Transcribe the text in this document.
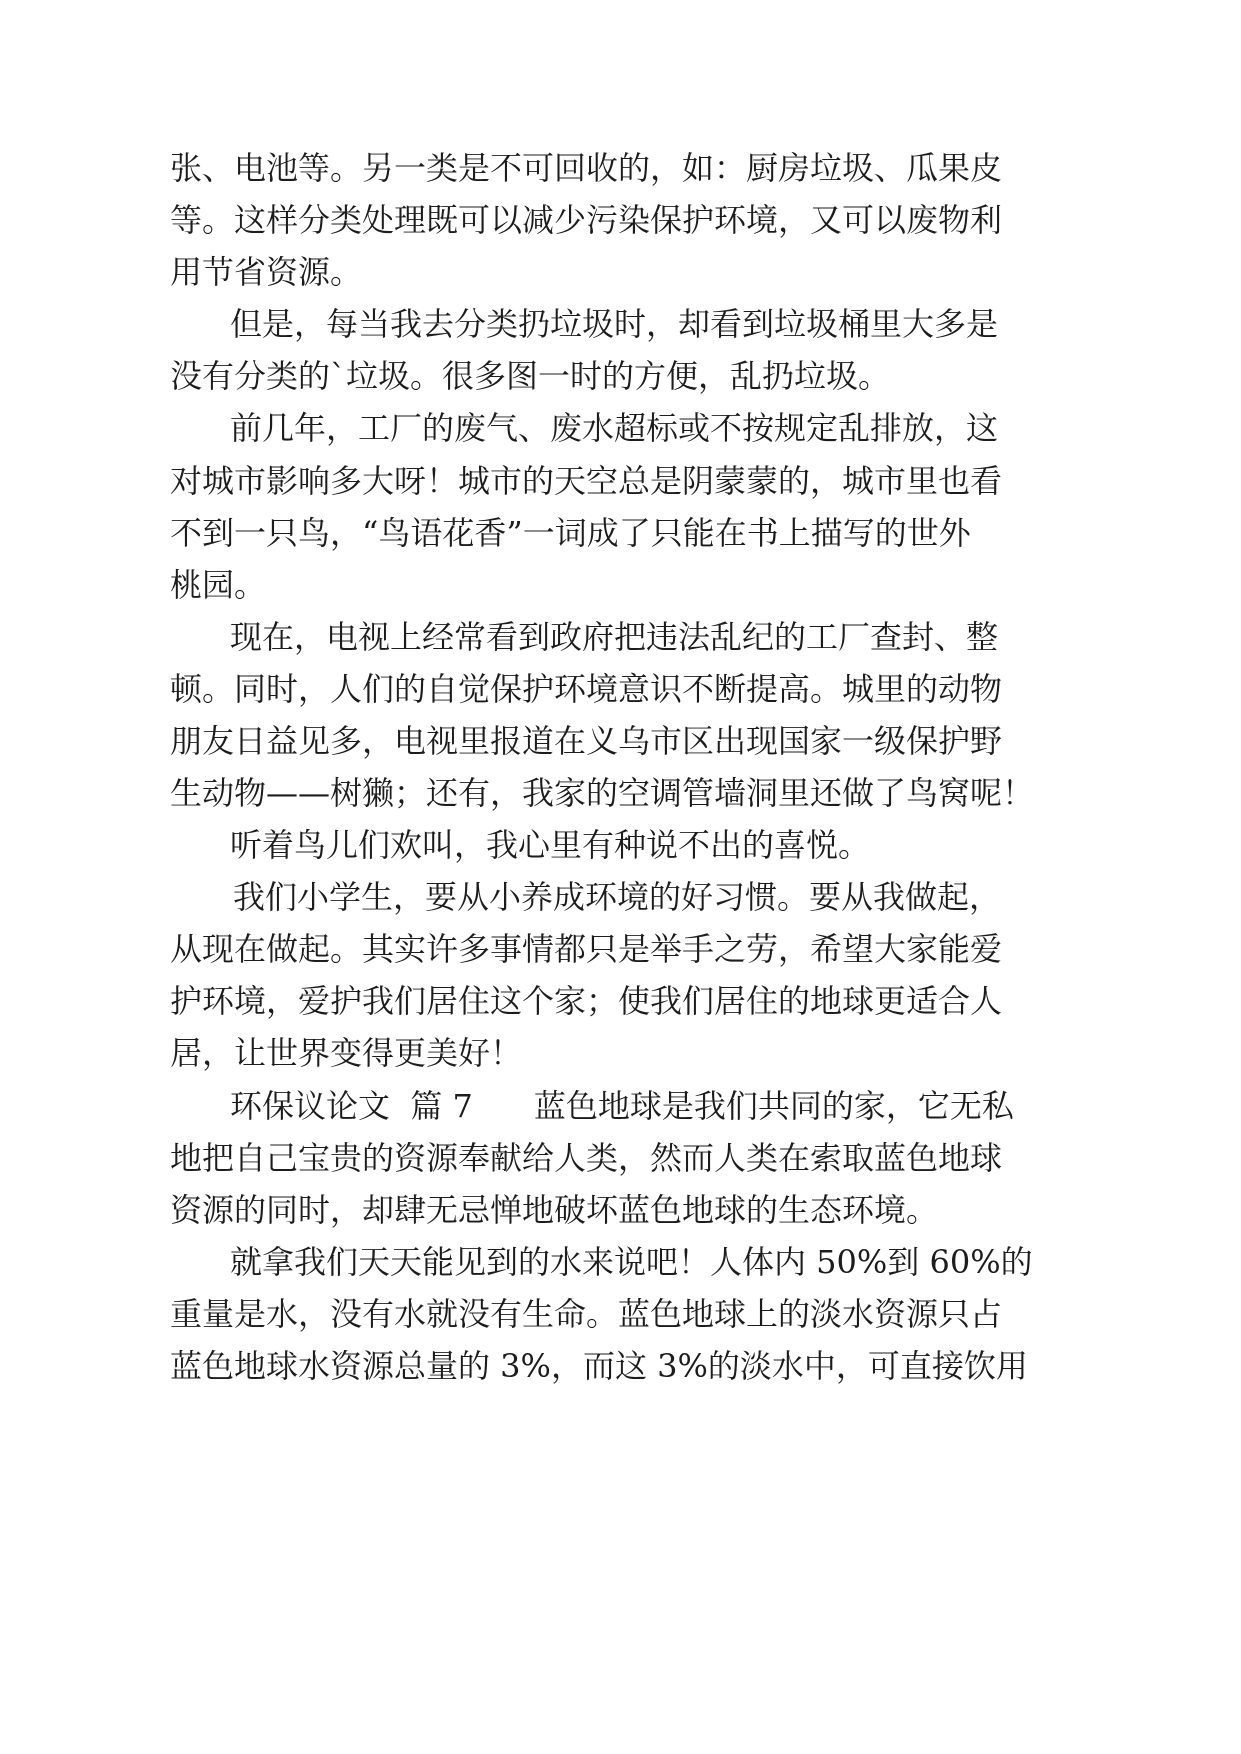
张、电池等。另一类是不可回收的，如：厨房垃圾、瓜果皮

等。这样分类处理既可以减少污染保护环境，又可以废物利

用节省资源。

但是，每当我去分类扔垃圾时，却看到垃圾桶里大多是

没有分类的`垃圾。很多图一时的方便，乱扔垃圾。

前几年，工厂的废气、废水超标或不按规定乱排放，这

对城市影响多大呀！城市的天空总是阴蒙蒙的，城市里也看

不到一只鸟，“鸟语花香”一词成了只能在书上描写的世外

桃园。

现在，电视上经常看到政府把违法乱纪的工厂查封、整

顿。同时，人们的自觉保护环境意识不断提高。城里的动物

朋友日益见多，电视里报道在义乌市区出现国家一级保护野

生动物——树獭；还有，我家的空调管墙洞里还做了鸟窝呢！

听着鸟儿们欢叫，我心里有种说不出的喜悦。

我们小学生，要从小养成环境的好习惯。要从我做起，

从现在做起。其实许多事情都只是举手之劳，希望大家能爱

护环境，爱护我们居住这个家；使我们居住的地球更适合人

居，让世界变得更美好！

环保议论文  篇 7      蓝色地球是我们共同的家，它无私

地把自己宝贵的资源奉献给人类，然而人类在索取蓝色地球

资源的同时，却肆无忌惮地破坏蓝色地球的生态环境。

就拿我们天天能见到的水来说吧！人体内 50%到 60%的

重量是水，没有水就没有生命。蓝色地球上的淡水资源只占

蓝色地球水资源总量的 3%，而这 3%的淡水中，可直接饮用
